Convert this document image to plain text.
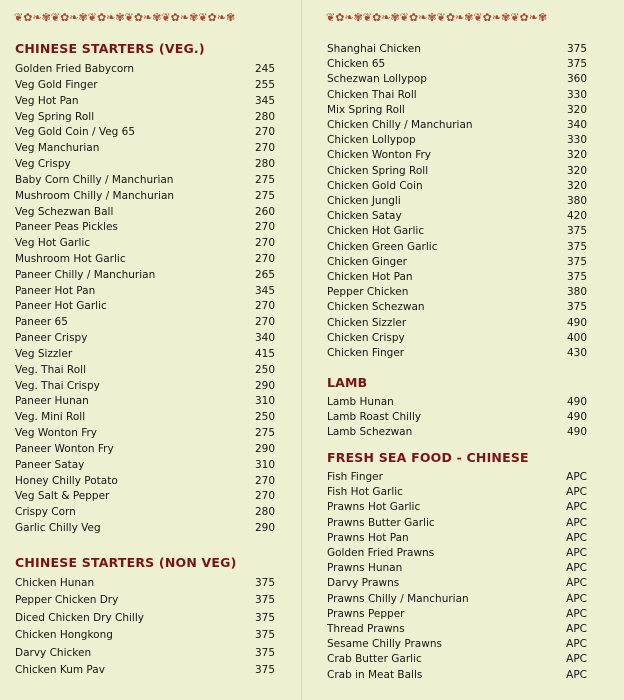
❦✿❧✾❦✿❧✾❦✿❧✾❦✿❧✾❦✿❧✾❦✿❧✾
CHINESE STARTERS (VEG.)
Golden Fried Babycorn	245
Veg Gold Finger	255
Veg Hot Pan	345
Veg Spring Roll	280
Veg Gold Coin / Veg 65	270
Veg Manchurian	270
Veg Crispy	280
Baby Corn Chilly / Manchurian	275
Mushroom Chilly / Manchurian	275
Veg Schezwan Ball	260
Paneer Peas Pickles	270
Veg Hot Garlic	270
Mushroom Hot Garlic	270
Paneer Chilly / Manchurian	265
Paneer Hot Pan	345
Paneer Hot Garlic	270
Paneer 65	270
Paneer Crispy	340
Veg Sizzler	415
Veg. Thai Roll	250
Veg. Thai Crispy	290
Paneer Hunan	310
Veg. Mini Roll	250
Veg Wonton Fry	275
Paneer Wonton Fry	290
Paneer Satay	310
Honey Chilly Potato	270
Veg Salt & Pepper	270
Crispy Corn	280
Garlic Chilly Veg	290
CHINESE STARTERS (NON VEG)
Chicken Hunan	375
Pepper Chicken Dry	375
Diced Chicken Dry Chilly	375
Chicken Hongkong	375
Darvy Chicken	375
Chicken Kum Pav	375
❦✿❧✾❦✿❧✾❦✿❧✾❦✿❧✾❦✿❧✾❦✿❧✾
Shanghai Chicken	375
Chicken 65	375
Schezwan Lollypop	360
Chicken Thai Roll	330
Mix Spring Roll	320
Chicken Chilly / Manchurian	340
Chicken Lollypop	330
Chicken Wonton Fry	320
Chicken Spring Roll	320
Chicken Gold Coin	320
Chicken Jungli	380
Chicken Satay	420
Chicken Hot Garlic	375
Chicken Green Garlic	375
Chicken Ginger	375
Chicken Hot Pan	375
Pepper Chicken	380
Chicken Schezwan	375
Chicken Sizzler	490
Chicken Crispy	400
Chicken Finger	430
LAMB
Lamb Hunan	490
Lamb Roast Chilly	490
Lamb Schezwan	490
FRESH SEA FOOD - CHINESE
Fish Finger	APC
Fish Hot Garlic	APC
Prawns Hot Garlic	APC
Prawns Butter Garlic	APC
Prawns Hot Pan	APC
Golden Fried Prawns	APC
Prawns Hunan	APC
Darvy Prawns	APC
Prawns Chilly / Manchurian	APC
Prawns Pepper	APC
Thread Prawns	APC
Sesame Chilly Prawns	APC
Crab Butter Garlic	APC
Crab in Meat Balls	APC
